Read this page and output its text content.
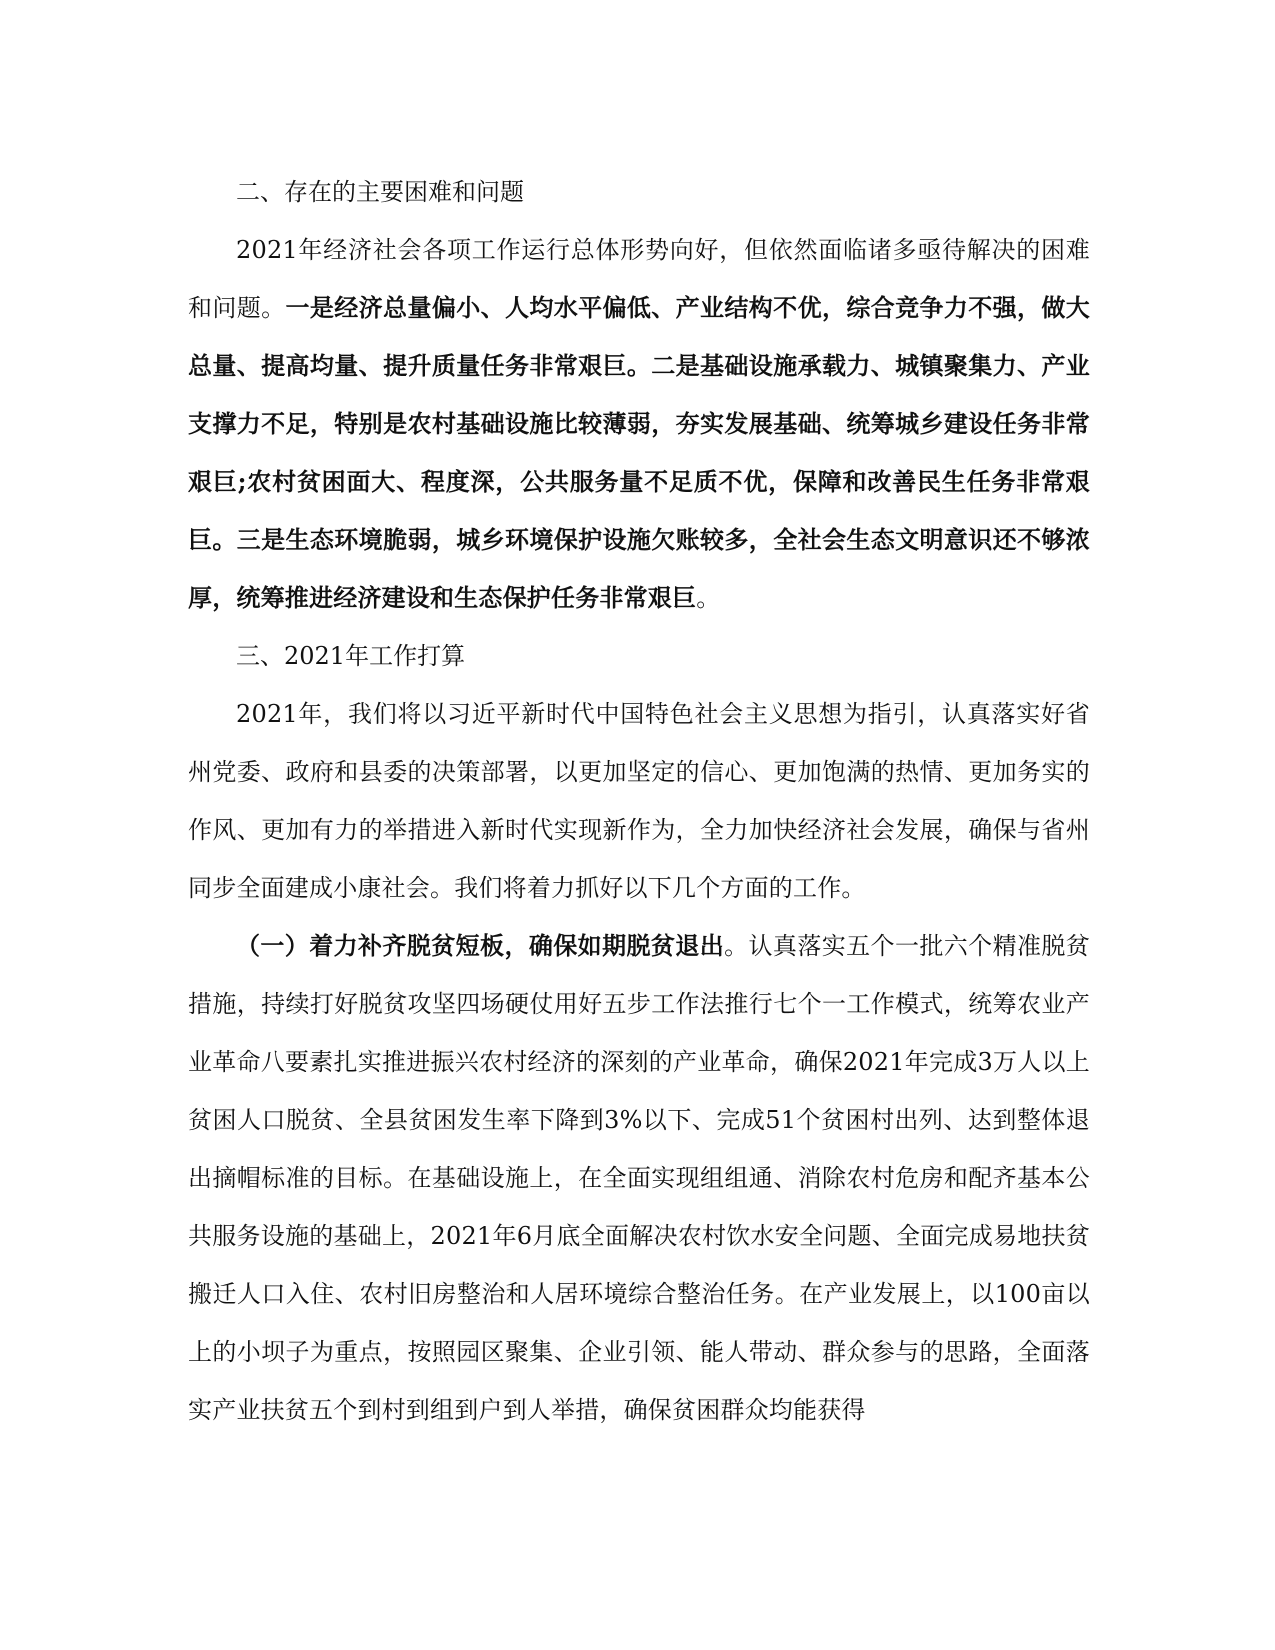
二、存在的主要困难和问题

2021年经济社会各项工作运行总体形势向好，但依然面临诸多亟待解决的困难和问题。一是经济总量偏小、人均水平偏低、产业结构不优，综合竞争力不强，做大总量、提高均量、提升质量任务非常艰巨。二是基础设施承载力、城镇聚集力、产业支撑力不足，特别是农村基础设施比较薄弱，夯实发展基础、统筹城乡建设任务非常艰巨;农村贫困面大、程度深，公共服务量不足质不优，保障和改善民生任务非常艰巨。三是生态环境脆弱，城乡环境保护设施欠账较多，全社会生态文明意识还不够浓厚，统筹推进经济建设和生态保护任务非常艰巨。

三、2021年工作打算

2021年，我们将以习近平新时代中国特色社会主义思想为指引，认真落实好省州党委、政府和县委的决策部署，以更加坚定的信心、更加饱满的热情、更加务实的作风、更加有力的举措进入新时代实现新作为，全力加快经济社会发展，确保与省州同步全面建成小康社会。我们将着力抓好以下几个方面的工作。

（一）着力补齐脱贫短板，确保如期脱贫退出。认真落实五个一批六个精准脱贫措施，持续打好脱贫攻坚四场硬仗用好五步工作法推行七个一工作模式，统筹农业产业革命八要素扎实推进振兴农村经济的深刻的产业革命，确保2021年完成3万人以上贫困人口脱贫、全县贫困发生率下降到3%以下、完成51个贫困村出列、达到整体退出摘帽标准的目标。在基础设施上，在全面实现组组通、消除农村危房和配齐基本公共服务设施的基础上，2021年6月底全面解决农村饮水安全问题、全面完成易地扶贫搬迁人口入住、农村旧房整治和人居环境综合整治任务。在产业发展上，以100亩以上的小坝子为重点，按照园区聚集、企业引领、能人带动、群众参与的思路，全面落实产业扶贫五个到村到组到户到人举措，确保贫困群众均能获得
